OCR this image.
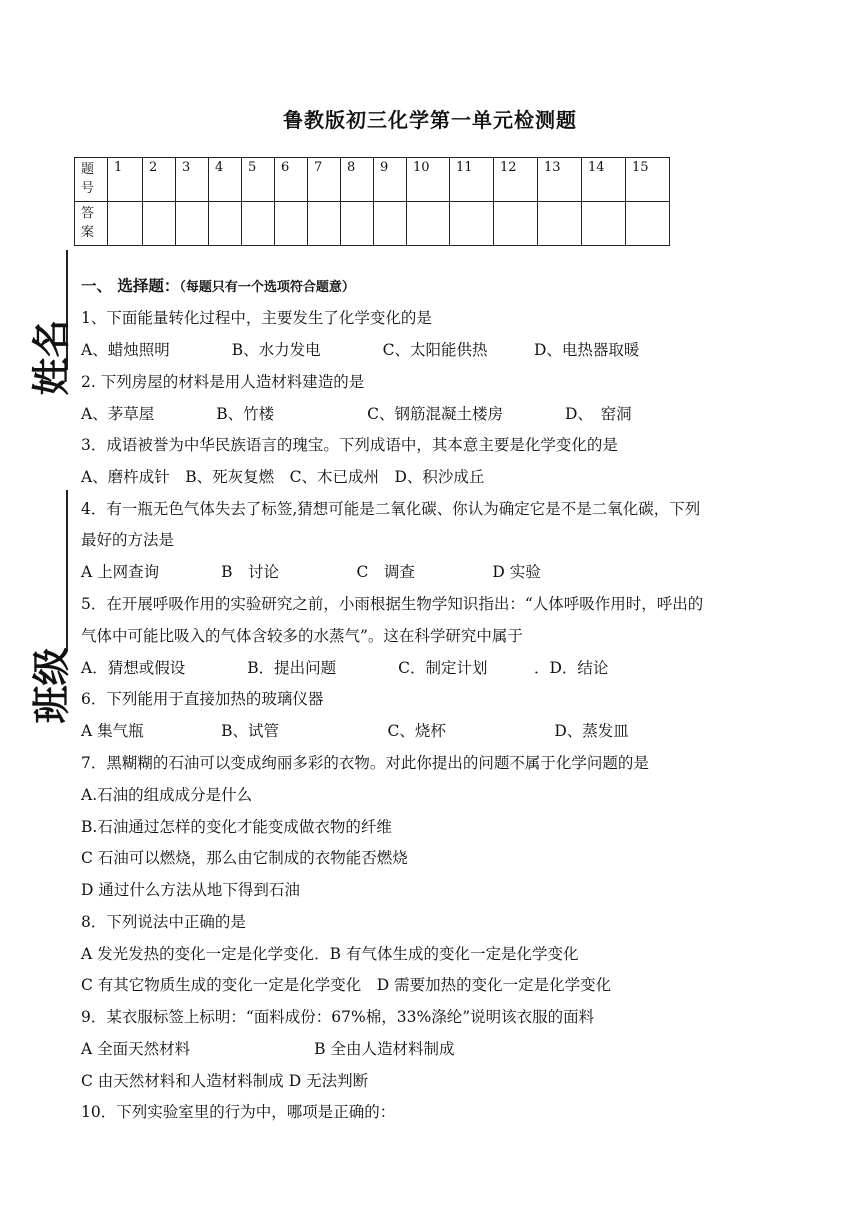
鲁教版初三化学第一单元检测题
题
号	1	2	3	4	5	6	7	8	9	10	11	12	13	14	15
答
案															
姓名
班级
一、 选择题：（每题只有一个选项符合题意）
1、下面能量转化过程中，主要发生了化学变化的是
A、蜡烛照明　　　　B、水力发电　　　　C、太阳能供热　　　D、电热器取暖
2. 下列房屋的材料是用人造材料建造的是
A、茅草屋　　　　B、竹楼　　　　　　C、钢筋混凝土楼房　　　　D、　窑洞
3．成语被誉为中华民族语言的瑰宝。下列成语中，其本意主要是化学变化的是
A、磨杵成针　B、死灰复燃　C、木已成州　D、积沙成丘
4．有一瓶无色气体失去了标签,猜想可能是二氧化碳、你认为确定它是不是二氧化碳，下列
最好的方法是
A 上网查询　　　　B　讨论　　　　　C　调查　　　　　D 实验
5．在开展呼吸作用的实验研究之前，小雨根据生物学知识指出：“人体呼吸作用时，呼出的
气体中可能比吸入的气体含较多的水蒸气”。这在科学研究中属于
A．猜想或假设　　　　B．提出问题　　　　C．制定计划　　　．D．结论
6．下列能用于直接加热的玻璃仪器
A 集气瓶　　　　　B、试管　　　　　　　C、烧杯　　　　　　　D、蒸发皿
7．黑糊糊的石油可以变成绚丽多彩的衣物。对此你提出的问题不属于化学问题的是
A.石油的组成成分是什么
B.石油通过怎样的变化才能变成做衣物的纤维
C 石油可以燃烧，那么由它制成的衣物能否燃烧
D 通过什么方法从地下得到石油
8．下列说法中正确的是
A 发光发热的变化一定是化学变化．B 有气体生成的变化一定是化学变化
C 有其它物质生成的变化一定是化学变化　D 需要加热的变化一定是化学变化
9．某衣服标签上标明：“面料成份：67%棉，33%涤纶”说明该衣服的面料
A 全面天然材料　　　　　　　　B 全由人造材料制成
C 由天然材料和人造材料制成 D 无法判断
10．下列实验室里的行为中，哪项是正确的：
